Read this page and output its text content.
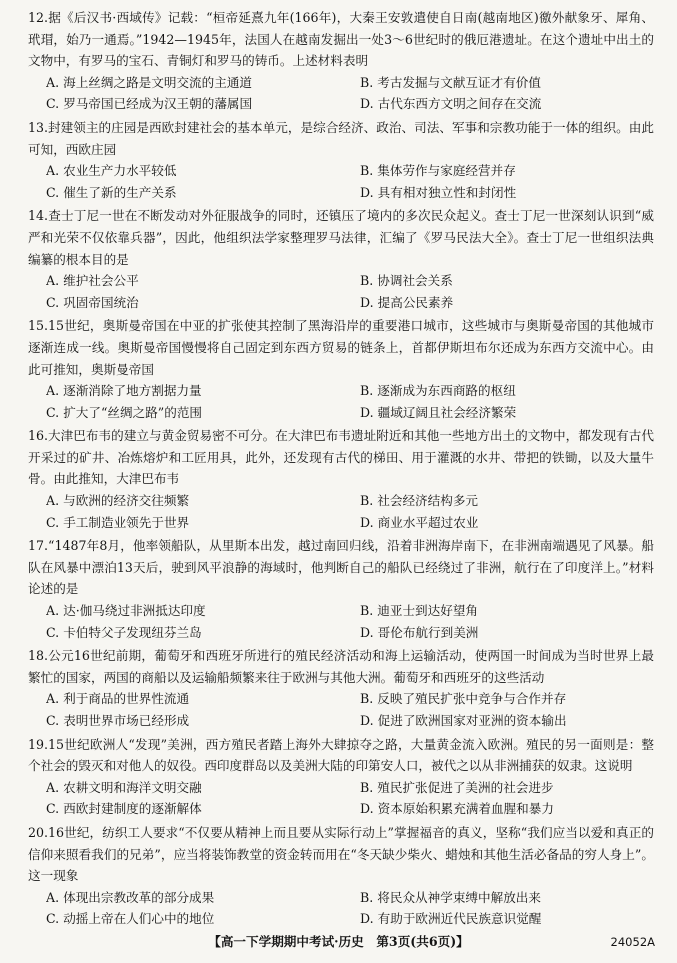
12.据《后汉书·西域传》记载：“桓帝延熹九年(166年)，大秦王安敦遣使自日南(越南地区)徼外献象牙、犀角、玳瑁，始乃一通焉。”1942—1945年，法国人在越南发掘出一处3～6世纪时的俄厄港遗址。在这个遗址中出土的文物中，有罗马的宝石、青铜灯和罗马的铸币。上述材料表明

A. 海上丝绸之路是文明交流的主通道	B. 考古发掘与文献互证才有价值
C. 罗马帝国已经成为汉王朝的藩属国	D. 古代东西方文明之间存在交流

13.封建领主的庄园是西欧封建社会的基本单元，是综合经济、政治、司法、军事和宗教功能于一体的组织。由此可知，西欧庄园

A. 农业生产力水平较低	B. 集体劳作与家庭经营并存
C. 催生了新的生产关系	D. 具有相对独立性和封闭性

14.查士丁尼一世在不断发动对外征服战争的同时，还镇压了境内的多次民众起义。查士丁尼一世深刻认识到“威严和光荣不仅依靠兵器”，因此，他组织法学家整理罗马法律，汇编了《罗马民法大全》。查士丁尼一世组织法典编纂的根本目的是

A. 维护社会公平	B. 协调社会关系
C. 巩固帝国统治	D. 提高公民素养

15.15世纪，奥斯曼帝国在中亚的扩张使其控制了黑海沿岸的重要港口城市，这些城市与奥斯曼帝国的其他城市逐渐连成一线。奥斯曼帝国慢慢将自己固定到东西方贸易的链条上，首都伊斯坦布尔还成为东西方交流中心。由此可推知，奥斯曼帝国

A. 逐渐消除了地方割据力量	B. 逐渐成为东西商路的枢纽
C. 扩大了“丝绸之路”的范围	D. 疆域辽阔且社会经济繁荣

16.大津巴布韦的建立与黄金贸易密不可分。在大津巴布韦遗址附近和其他一些地方出土的文物中，都发现有古代开采过的矿井、冶炼熔炉和工匠用具，此外，还发现有古代的梯田、用于灌溉的水井、带把的铁锄，以及大量牛骨。由此推知，大津巴布韦

A. 与欧洲的经济交往频繁	B. 社会经济结构多元
C. 手工制造业领先于世界	D. 商业水平超过农业

17.“1487年8月，他率领船队，从里斯本出发，越过南回归线，沿着非洲海岸南下，在非洲南端遇见了风暴。船队在风暴中漂泊13天后，驶到风平浪静的海域时，他判断自己的船队已经绕过了非洲，航行在了印度洋上。”材料论述的是

A. 达·伽马绕过非洲抵达印度	B. 迪亚士到达好望角
C. 卡伯特父子发现纽芬兰岛	D. 哥伦布航行到美洲

18.公元16世纪前期，葡萄牙和西班牙所进行的殖民经济活动和海上运输活动，使两国一时间成为当时世界上最繁忙的国家，两国的商船以及运输船频繁来往于欧洲与其他大洲。葡萄牙和西班牙的这些活动

A. 利于商品的世界性流通	B. 反映了殖民扩张中竞争与合作并存
C. 表明世界市场已经形成	D. 促进了欧洲国家对亚洲的资本输出

19.15世纪欧洲人“发现”美洲，西方殖民者踏上海外大肆掠夺之路，大量黄金流入欧洲。殖民的另一面则是：整个社会的毁灭和对他人的奴役。西印度群岛以及美洲大陆的印第安人口，被代之以从非洲捕获的奴隶。这说明

A. 农耕文明和海洋文明交融	B. 殖民扩张促进了美洲的社会进步
C. 西欧封建制度的逐渐解体	D. 资本原始积累充满着血腥和暴力

20.16世纪，纺织工人要求“不仅要从精神上而且要从实际行动上”掌握福音的真义，坚称“我们应当以爱和真正的信仰来照看我们的兄弟”，应当将装饰教堂的资金转而用在“冬天缺少柴火、蜡烛和其他生活必备品的穷人身上”。这一现象

A. 体现出宗教改革的部分成果	B. 将民众从神学束缚中解放出来
C. 动摇上帝在人们心中的地位	D. 有助于欧洲近代民族意识觉醒
【高一下学期期中考试·历史　第3页(共6页)】	24052A
